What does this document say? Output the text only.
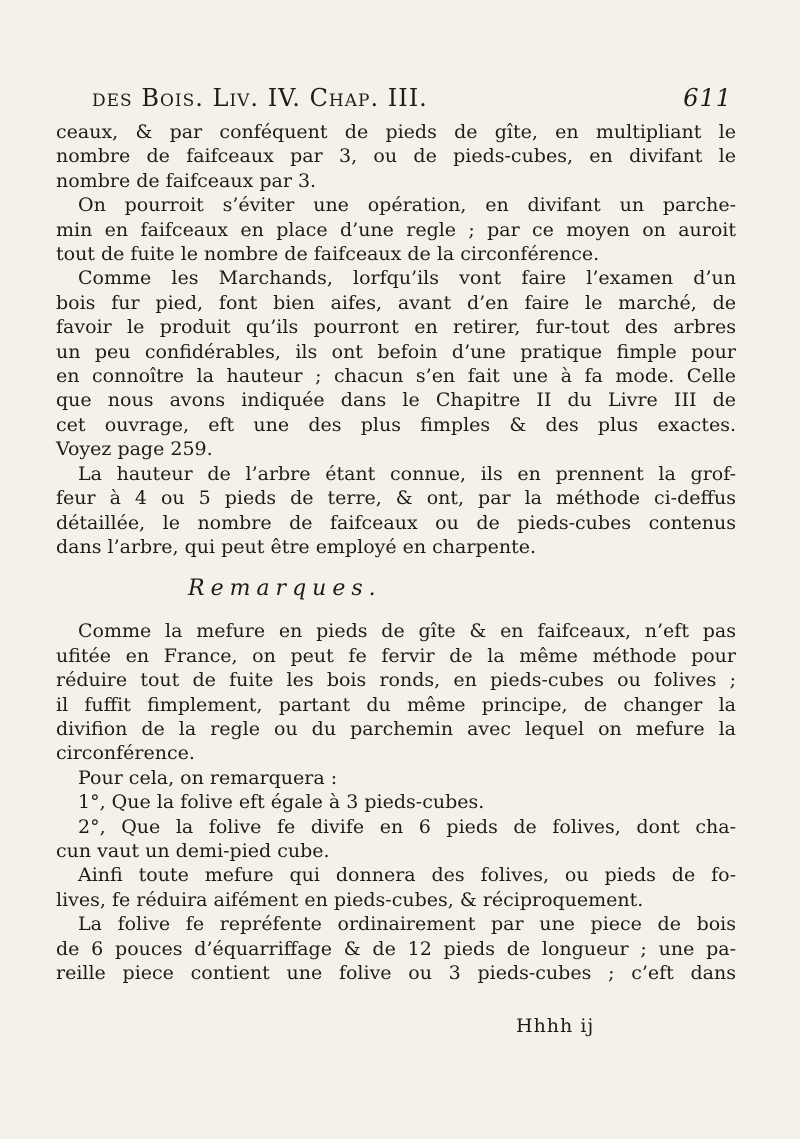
des Bois. Liv. IV. Chap. III.	611
ceaux, & par conféquent de pieds de gîte, en multipliant le
nombre de faifceaux par 3, ou de pieds-cubes, en divifant le
nombre de faifceaux par 3.
On pourroit s’éviter une opération, en divifant un parche-
min en faifceaux en place d’une regle ; par ce moyen on auroit
tout de fuite le nombre de faifceaux de la circonférence.
Comme les Marchands, lorfqu’ils vont faire l’examen d’un
bois fur pied, font bien aifes, avant d’en faire le marché, de
favoir le produit qu’ils pourront en retirer, fur-tout des arbres
un peu confidérables, ils ont befoin d’une pratique fimple pour
en connoître la hauteur ; chacun s’en fait une à fa mode. Celle
que nous avons indiquée dans le Chapitre II du Livre III de
cet ouvrage, eft une des plus fimples & des plus exactes.
Voyez page 259.
La hauteur de l’arbre étant connue, ils en prennent la grof-
feur à 4 ou 5 pieds de terre, & ont, par la méthode ci-deffus
détaillée, le nombre de faifceaux ou de pieds-cubes contenus
dans l’arbre, qui peut être employé en charpente.
Remarques.
Comme la mefure en pieds de gîte & en faifceaux, n’eft pas
ufitée en France, on peut fe fervir de la même méthode pour
réduire tout de fuite les bois ronds, en pieds-cubes ou folives ;
il fuffit fimplement, partant du même principe, de changer la
divifion de la regle ou du parchemin avec lequel on mefure la
circonférence.
Pour cela, on remarquera :
1°, Que la folive eft égale à 3 pieds-cubes.
2°, Que la folive fe divife en 6 pieds de folives, dont cha-
cun vaut un demi-pied cube.
Ainfi toute mefure qui donnera des folives, ou pieds de fo-
lives, fe réduira aifément en pieds-cubes, & réciproquement.
La folive fe repréfente ordinairement par une piece de bois
de 6 pouces d’équarriffage & de 12 pieds de longueur ; une pa-
reille piece contient une folive ou 3 pieds-cubes ; c’eft dans
Hhhh ij
